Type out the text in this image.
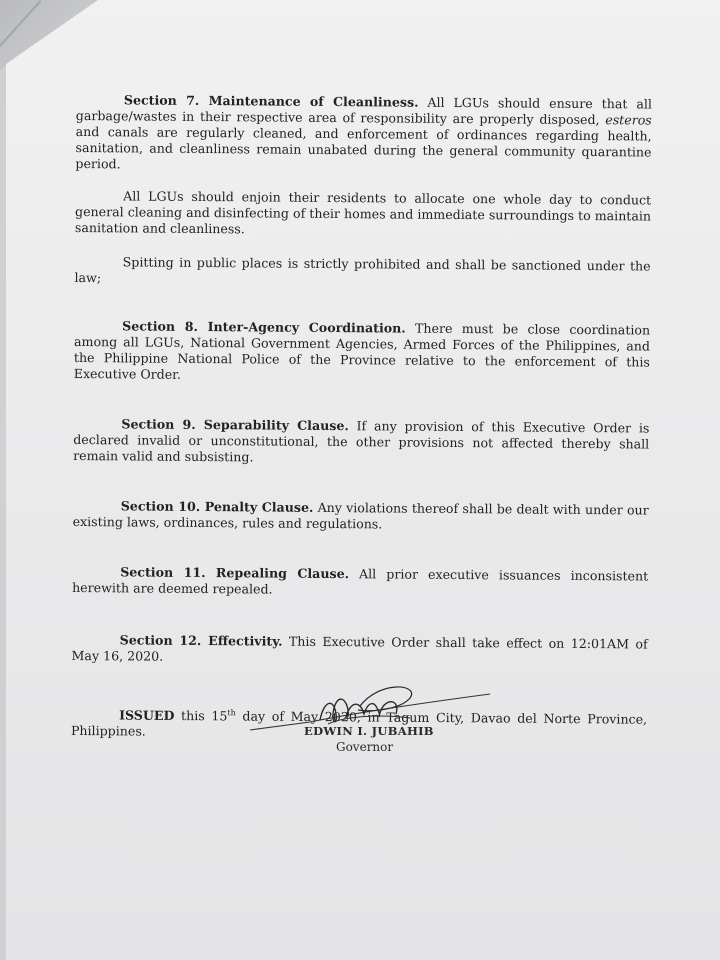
Section 7. Maintenance of Cleanliness. All LGUs should ensure that all garbage/wastes in their respective area of responsibility are properly disposed, esteros and canals are regularly cleaned, and enforcement of ordinances regarding health, sanitation, and cleanliness remain unabated during the general community quarantine period.

All LGUs should enjoin their residents to allocate one whole day to conduct general cleaning and disinfecting of their homes and immediate surroundings to maintain sanitation and cleanliness.

Spitting in public places is strictly prohibited and shall be sanctioned under the law;

Section 8. Inter-Agency Coordination. There must be close coordination among all LGUs, National Government Agencies, Armed Forces of the Philippines, and the Philippine National Police of the Province relative to the enforcement of this Executive Order.

Section 9. Separability Clause. If any provision of this Executive Order is declared invalid or unconstitutional, the other provisions not affected thereby shall remain valid and subsisting.

Section 10. Penalty Clause. Any violations thereof shall be dealt with under our existing laws, ordinances, rules and regulations.

Section 11. Repealing Clause. All prior executive issuances inconsistent herewith are deemed repealed.

Section 12. Effectivity. This Executive Order shall take effect on 12:01AM of May 16, 2020.

ISSUED this 15th day of May 2020, in Tagum City, Davao del Norte Province, Philippines.	EDWIN I. JUBAHIB
Governor
